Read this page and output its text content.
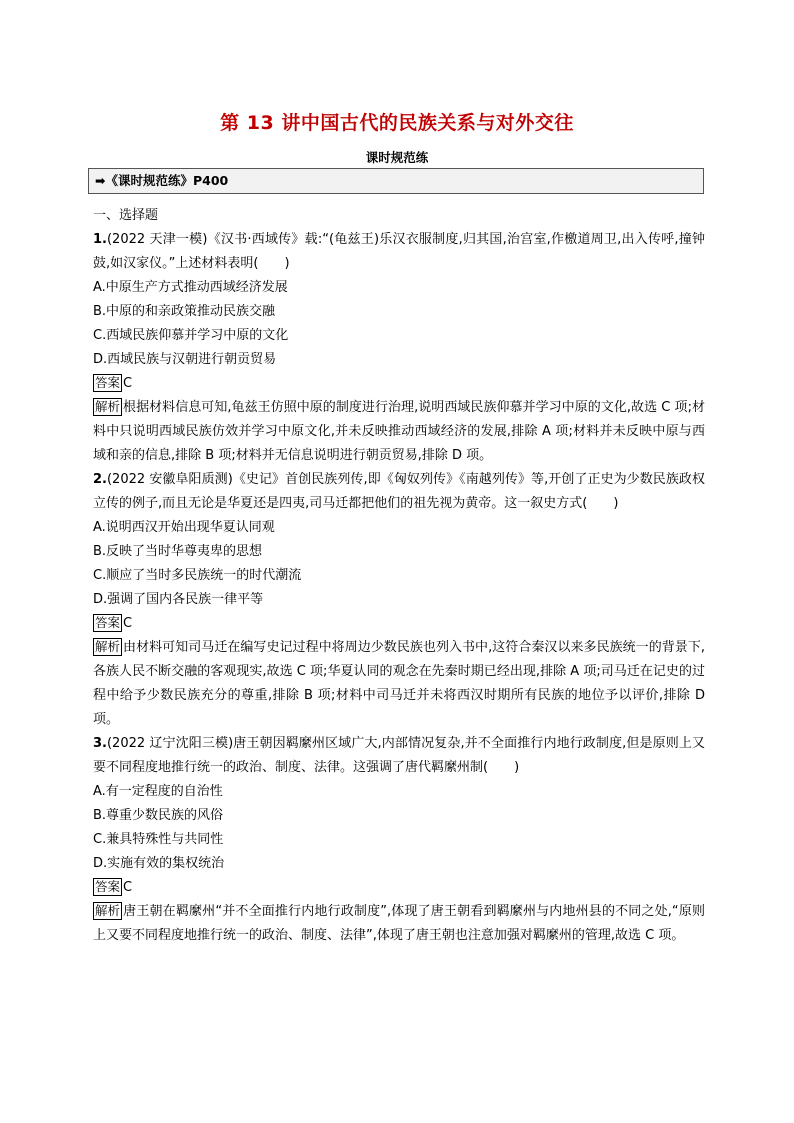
第 13 讲中国古代的民族关系与对外交往
课时规范练
➡《课时规范练》P400
一、选择题
1.(2022 天津一模)《汉书·西域传》载:“(龟兹王)乐汉衣服制度,归其国,治宫室,作檄道周卫,出入传呼,撞钟鼓,如汉家仪。”上述材料表明(　　)
A.中原生产方式推动西域经济发展
B.中原的和亲政策推动民族交融
C.西域民族仰慕并学习中原的文化
D.西域民族与汉朝进行朝贡贸易
答案 C
解析 根据材料信息可知,龟兹王仿照中原的制度进行治理,说明西域民族仰慕并学习中原的文化,故选 C 项;材料中只说明西域民族仿效并学习中原文化,并未反映推动西域经济的发展,排除 A 项;材料并未反映中原与西域和亲的信息,排除 B 项;材料并无信息说明进行朝贡贸易,排除 D 项。
2.(2022 安徽阜阳质测)《史记》首创民族列传,即《匈奴列传》《南越列传》等,开创了正史为少数民族政权立传的例子,而且无论是华夏还是四夷,司马迁都把他们的祖先视为黄帝。这一叙史方式(　　)
A.说明西汉开始出现华夏认同观
B.反映了当时华尊夷卑的思想
C.顺应了当时多民族统一的时代潮流
D.强调了国内各民族一律平等
答案 C
解析 由材料可知司马迁在编写史记过程中将周边少数民族也列入书中,这符合秦汉以来多民族统一的背景下,各族人民不断交融的客观现实,故选 C 项;华夏认同的观念在先秦时期已经出现,排除 A 项;司马迁在记史的过程中给予少数民族充分的尊重,排除 B 项;材料中司马迁并未将西汉时期所有民族的地位予以评价,排除 D 项。
3.(2022 辽宁沈阳三模)唐王朝因羁縻州区域广大,内部情况复杂,并不全面推行内地行政制度,但是原则上又要不同程度地推行统一的政治、制度、法律。这强调了唐代羁縻州制(　　)
A.有一定程度的自治性
B.尊重少数民族的风俗
C.兼具特殊性与共同性
D.实施有效的集权统治
答案 C
解析 唐王朝在羁縻州“并不全面推行内地行政制度”,体现了唐王朝看到羁縻州与内地州县的不同之处,“原则上又要不同程度地推行统一的政治、制度、法律”,体现了唐王朝也注意加强对羁縻州的管理,故选 C 项。
